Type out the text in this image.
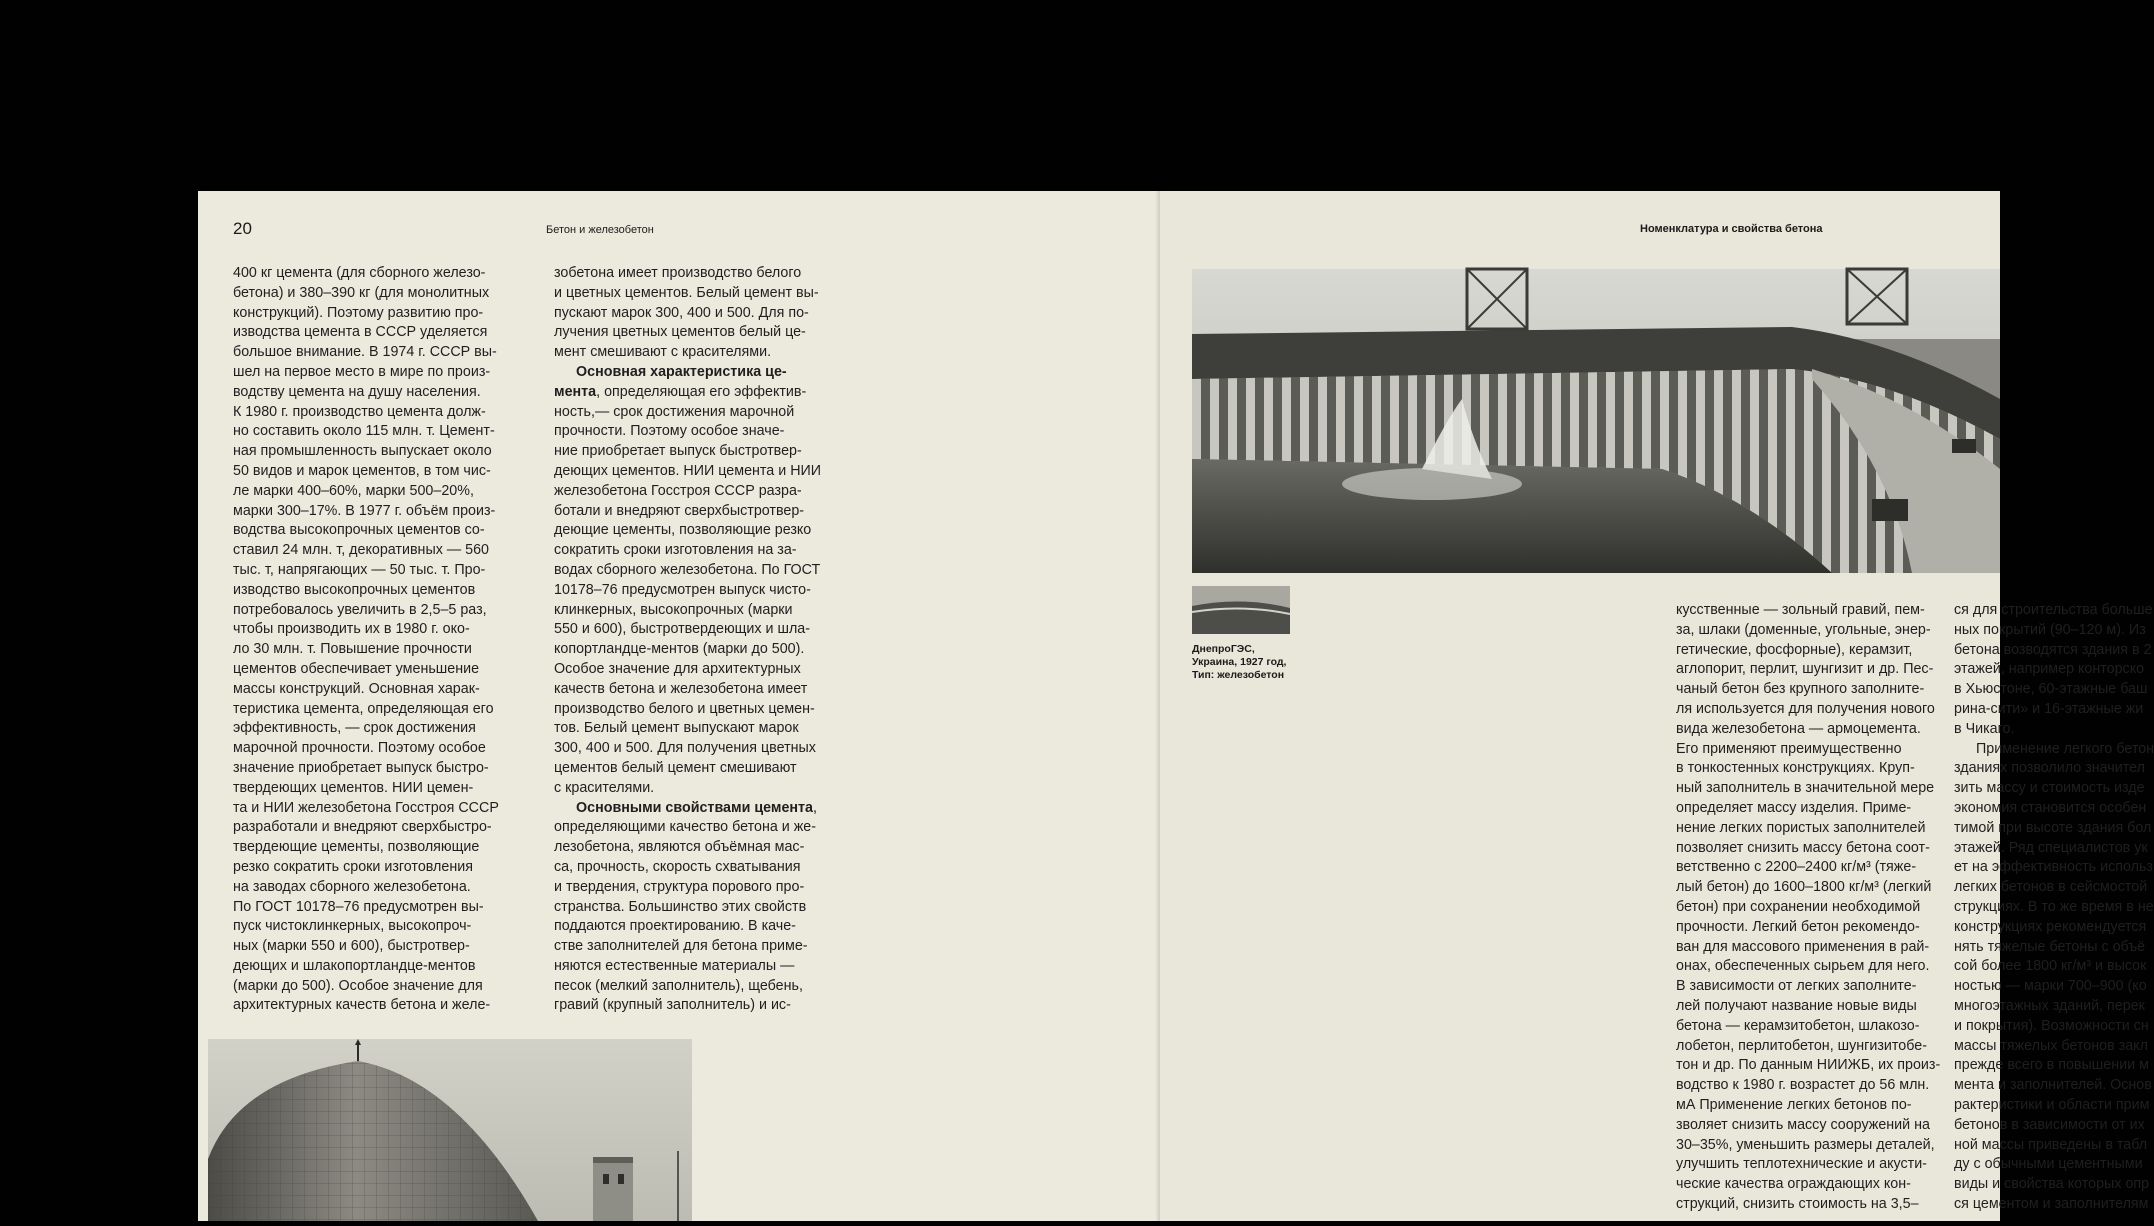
20	Бетон и железобетон
400 кг цемента (для сборного железо-
бетона) и 380–390 кг (для монолитных
конструкций). Поэтому развитию про-
изводства цемента в СССР уделяется
большое внимание. В 1974 г. СССР вы-
шел на первое место в мире по произ-
водству цемента на душу населения.
К 1980 г. производство цемента долж-
но составить около 115 млн. т. Цемент-
ная промышленность выпускает около
50 видов и марок цементов, в том чис-
ле марки 400–60%, марки 500–20%,
марки 300–17%. В 1977 г. объём произ-
водства высокопрочных цементов со-
ставил 24 млн. т, декоративных — 560
тыс. т, напрягающих — 50 тыс. т. Про-
изводство высокопрочных цементов
потребовалось увеличить в 2,5–5 раз,
чтобы производить их в 1980 г. око-
ло 30 млн. т. Повышение прочности
цементов обеспечивает уменьшение
массы конструкций. Основная харак-
теристика цемента, определяющая его
эффективность, — срок достижения
марочной прочности. Поэтому особое
значение приобретает выпуск быстро-
твердеющих цементов. НИИ цемен-
та и НИИ железобетона Госстроя СССР
разработали и внедряют сверхбыстро-
твердеющие цементы, позволяющие
резко сократить сроки изготовления
на заводах сборного железобетона.
По ГОСТ 10178–76 предусмотрен вы-
пуск чистоклинкерных, высокопроч-
ных (марки 550 и 600), быстротвер-
деющих и шлакопортландце-ментов
(марки до 500). Особое значение для
архитектурных качеств бетона и желе-
зобетона имеет производство белого
и цветных цементов. Белый цемент вы-
пускают марок 300, 400 и 500. Для по-
лучения цветных цементов белый це-
мент смешивают с красителями.
Основная характеристика це-
мента, определяющая его эффектив-
ность,— срок достижения марочной
прочности. Поэтому особое значе-
ние приобретает выпуск быстротвер-
деющих цементов. НИИ цемента и НИИ
железобетона Госстроя СССР разра-
ботали и внедряют сверхбыстротвер-
деющие цементы, позволяющие резко
сократить сроки изготовления на за-
водах сборного железобетона. По ГОСТ
10178–76 предусмотрен выпуск чисто-
клинкерных, высокопрочных (марки
550 и 600), быстротвердеющих и шла-
копортландце-ментов (марки до 500).
Особое значение для архитектурных
качеств бетона и железобетона имеет
производство белого и цветных цемен-
тов. Белый цемент выпускают марок
300, 400 и 500. Для получения цветных
цементов белый цемент смешивают
с красителями.
Основными свойствами цемента,
определяющими качество бетона и же-
лезобетона, являются объёмная мас-
са, прочность, скорость схватывания
и твердения, структура порового про-
странства. Большинство этих свойств
поддаются проектированию. В каче-
стве заполнителей для бетона приме-
няются естественные материалы —
песок (мелкий заполнитель), щебень,
гравий (крупный заполнитель) и ис-
Номенклатура и свойства бетона
ДнепроГЭС,
Украина, 1927 год,
Тип: железобетон
кусственные — зольный гравий, пем-
за, шлаки (доменные, угольные, энер-
гетические, фосфорные), керамзит,
аглопорит, перлит, шунгизит и др. Пес-
чаный бетон без крупного заполните-
ля используется для получения нового
вида железобетона — армоцемента.
Его применяют преимущественно
в тонкостенных конструкциях. Круп-
ный заполнитель в значительной мере
определяет массу изделия. Приме-
нение легких пористых заполнителей
позволяет снизить массу бетона соот-
ветственно с 2200–2400 кг/м³ (тяже-
лый бетон) до 1600–1800 кг/м³ (легкий
бетон) при сохранении необходимой
прочности. Легкий бетон рекомендо-
ван для массового применения в рай-
онах, обеспеченных сырьем для него.
В зависимости от легких заполните-
лей получают название новые виды
бетона — керамзитобетон, шлакозо-
лобетон, перлитобетон, шунгизитобе-
тон и др. По данным НИИЖБ, их произ-
водство к 1980 г. возрастет до 56 млн.
мА Применение легких бетонов по-
зволяет снизить массу сооружений на
30–35%, уменьшить размеры деталей,
улучшить теплотехнические и акусти-
ческие качества ограждающих кон-
струкций, снизить стоимость на 3,5–
ся для строительства больше
ных покрытий (90–120 м). Из
бетона возводятся здания в 2
этажей, например конторско
в Хьюстоне, 60-этажные баш
рина-сити» и 16-этажные жи
в Чикаго.
Применение легкого бетон
зданиях позволило значител
зить массу и стоимость изде
экономия становится особен
тимой при высоте здания бол
этажей. Ряд специалистов ук
ет на эффективность использ
легких бетонов в сейсмостой
струкциях. В то же время в не
конструкциях рекомендуется
нять тяжелые бетоны с объё
сой более 1800 кг/м³ и высок
ностью — марки 700–900 (ко
многоэтажных зданий, перек
и покрытия). Возможности сн
массы тяжелых бетонов закл
прежде всего в повышении м
мента и заполнителей. Основ
рактеристики и области прим
бетонов в зависимости от их
ной массы приведены в табл
ду с обычными цементными
виды и свойства которых опр
ся цементом и заполнителям
